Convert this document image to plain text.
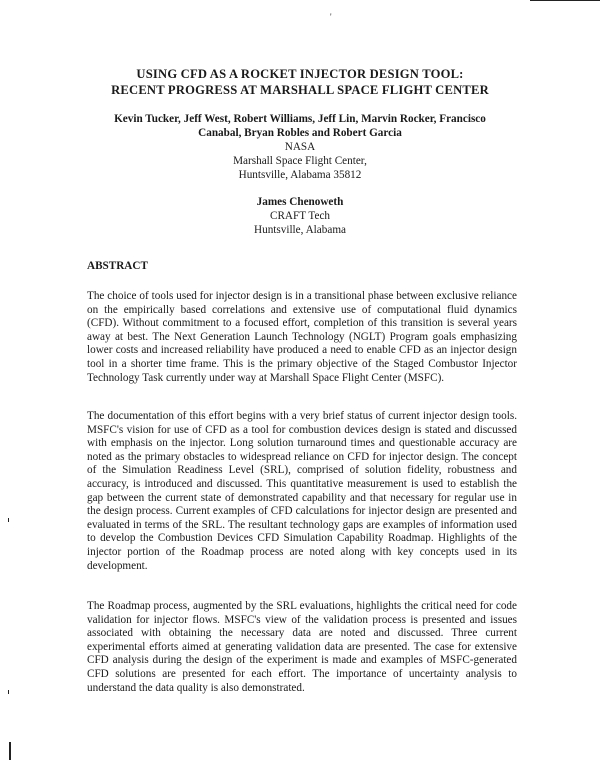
'
USING CFD AS A ROCKET INJECTOR DESIGN TOOL:
RECENT PROGRESS AT MARSHALL SPACE FLIGHT CENTER
Kevin Tucker, Jeff West, Robert Williams, Jeff Lin, Marvin Rocker, Francisco
Canabal, Bryan Robles and Robert Garcia
NASA
Marshall Space Flight Center,
Huntsville, Alabama 35812
James Chenoweth
CRAFT Tech
Huntsville, Alabama
ABSTRACT

The choice of tools used for injector design is in a transitional phase between exclusive reliance on the empirically based correlations and extensive use of computational fluid dynamics (CFD). Without commitment to a focused effort, completion of this transition is several years away at best. The Next Generation Launch Technology (NGLT) Program goals emphasizing lower costs and increased reliability have produced a need to enable CFD as an injector design tool in a shorter time frame. This is the primary objective of the Staged Combustor Injector Technology Task currently under way at Marshall Space Flight Center (MSFC).

The documentation of this effort begins with a very brief status of current injector design tools. MSFC's vision for use of CFD as a tool for combustion devices design is stated and discussed with emphasis on the injector. Long solution turnaround times and questionable accuracy are noted as the primary obstacles to widespread reliance on CFD for injector design. The concept of the Simulation Readiness Level (SRL), comprised of solution fidelity, robustness and accuracy, is introduced and discussed. This quantitative measurement is used to establish the gap between the current state of demonstrated capability and that necessary for regular use in the design process. Current examples of CFD calculations for injector design are presented and evaluated in terms of the SRL. The resultant technology gaps are examples of information used to develop the Combustion Devices CFD Simulation Capability Roadmap. Highlights of the injector portion of the Roadmap process are noted along with key concepts used in its development.

The Roadmap process, augmented by the SRL evaluations, highlights the critical need for code validation for injector flows. MSFC's view of the validation process is presented and issues associated with obtaining the necessary data are noted and discussed. Three current experimental efforts aimed at generating validation data are presented. The case for extensive CFD analysis during the design of the experiment is made and examples of MSFC-generated CFD solutions are presented for each effort. The importance of uncertainty analysis to understand the data quality is also demonstrated.
